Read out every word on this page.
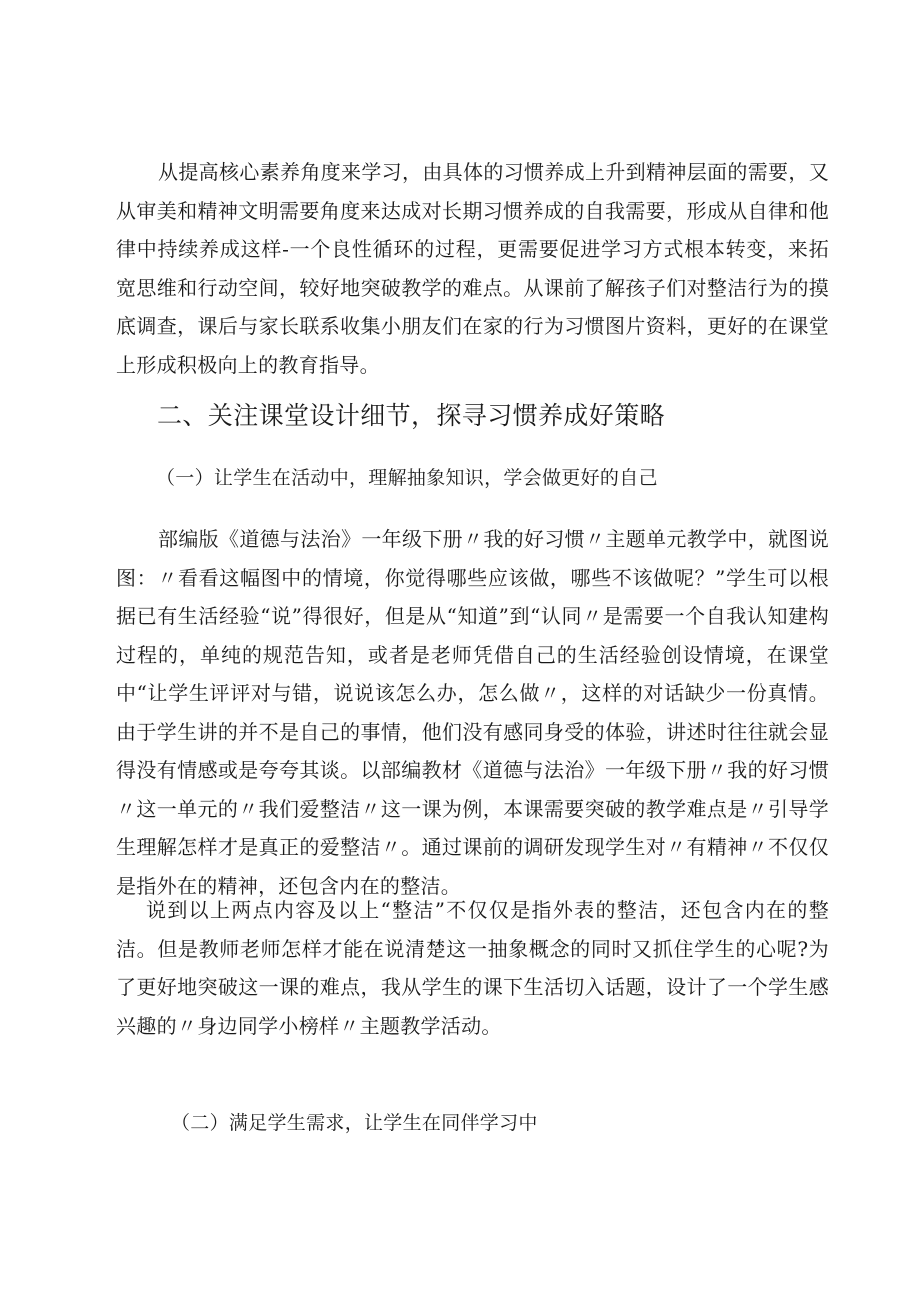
从提高核心素养角度来学习，由具体的习惯养成上升到精神层面的需要，又从审美和精神文明需要角度来达成对长期习惯养成的自我需要，形成从自律和他律中持续养成这样-一个良性循环的过程，更需要促进学习方式根本转变，来拓宽思维和行动空间，较好地突破教学的难点。从课前了解孩子们对整洁行为的摸底调查，课后与家长联系收集小朋友们在家的行为习惯图片资料，更好的在课堂上形成积极向上的教育指导。

二、关注课堂设计细节，探寻习惯养成好策略
（一）让学生在活动中，理解抽象知识，学会做更好的自己

部编版《道德与法治》一年级下册〃我的好习惯〃主题单元教学中，就图说图：〃看看这幅图中的情境，你觉得哪些应该做，哪些不该做呢？”学生可以根据已有生活经验“说”得很好，但是从“知道”到“认同〃是需要一个自我认知建构过程的，单纯的规范告知，或者是老师凭借自己的生活经验创设情境，在课堂中“让学生评评对与错，说说该怎么办，怎么做〃，这样的对话缺少一份真情。由于学生讲的并不是自己的事情，他们没有感同身受的体验，讲述时往往就会显得没有情感或是夸夸其谈。以部编教材《道德与法治》一年级下册〃我的好习惯〃这一单元的〃我们爱整洁〃这一课为例，本课需要突破的教学难点是〃引导学生理解怎样才是真正的爱整洁〃。通过课前的调研发现学生对〃有精神〃不仅仅是指外在的精神，还包含内在的整洁。

说到以上两点内容及以上“整洁”不仅仅是指外表的整洁，还包含内在的整洁。但是教师老师怎样才能在说清楚这一抽象概念的同时又抓住学生的心呢?为了更好地突破这一课的难点，我从学生的课下生活切入话题，设计了一个学生感兴趣的〃身边同学小榜样〃主题教学活动。

（二）满足学生需求，让学生在同伴学习中
